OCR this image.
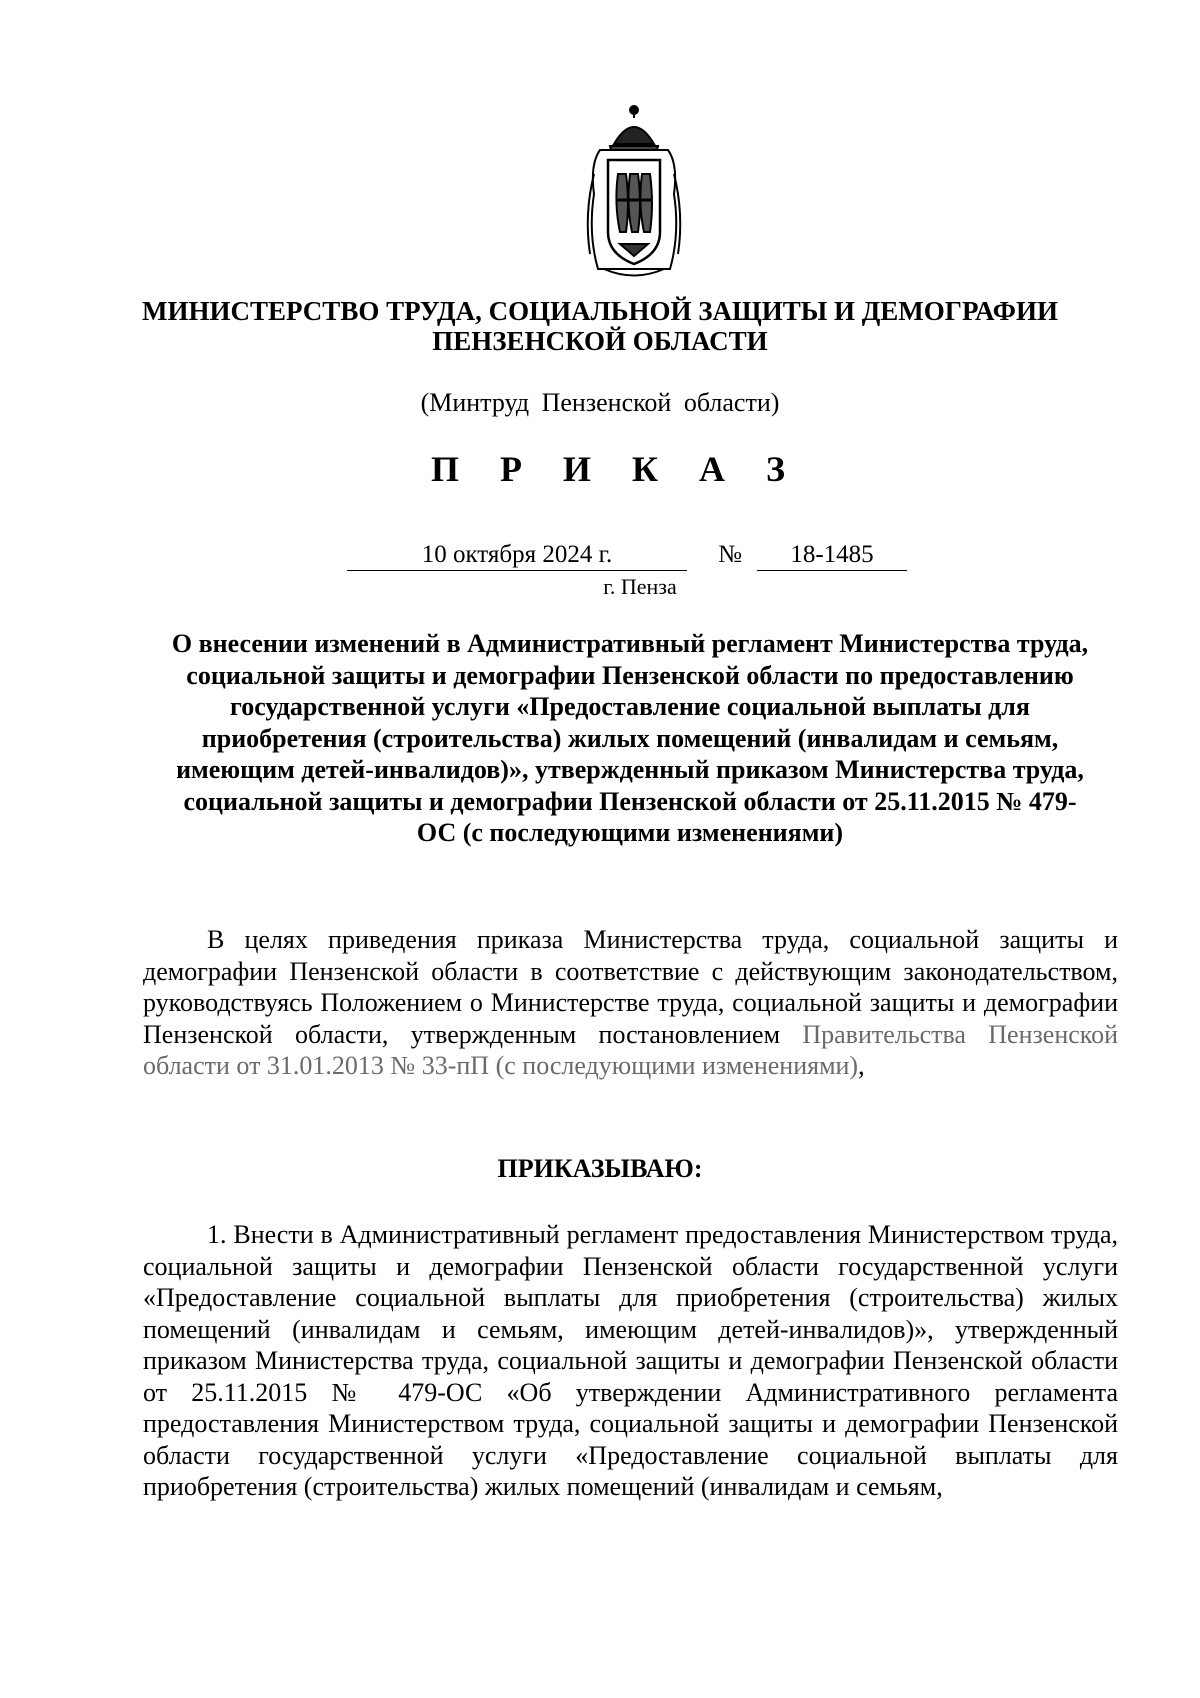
МИНИСТЕРСТВО ТРУДА, СОЦИАЛЬНОЙ ЗАЩИТЫ И ДЕМОГРАФИИ
ПЕНЗЕНСКОЙ ОБЛАСТИ
(Минтруд Пензенской области)
П Р И К А З
10 октября 2024 г.	№	18-1485
г. Пенза
О внесении изменений в Административный регламент Министерства труда, социальной защиты и демографии Пензенской области по предоставлению государственной услуги «Предоставление социальной выплаты для приобретения (строительства) жилых помещений (инвалидам и семьям, имеющим детей-инвалидов)», утвержденный приказом Министерства труда, социальной защиты и демографии Пензенской области от 25.11.2015 № 479-ОС (с последующими изменениями)
В целях приведения приказа Министерства труда, социальной защиты и демографии Пензенской области в соответствие с действующим законодательством, руководствуясь Положением о Министерстве труда, социальной защиты и демографии Пензенской области, утвержденным постановлением Правительства Пензенской области от 31.01.2013 № 33-пП (с последующими изменениями),
ПРИКАЗЫВАЮ:
1. Внести в Административный регламент предоставления Министерством труда, социальной защиты и демографии Пензенской области государственной услуги «Предоставление социальной выплаты для приобретения (строительства) жилых помещений (инвалидам и семьям, имеющим детей-инвалидов)», утвержденный приказом Министерства труда, социальной защиты и демографии Пензенской области от 25.11.2015 № 479-ОС «Об утверждении Административного регламента предоставления Министерством труда, социальной защиты и демографии Пензенской области государственной услуги «Предоставление социальной выплаты для приобретения (строительства) жилых помещений (инвалидам и семьям,
